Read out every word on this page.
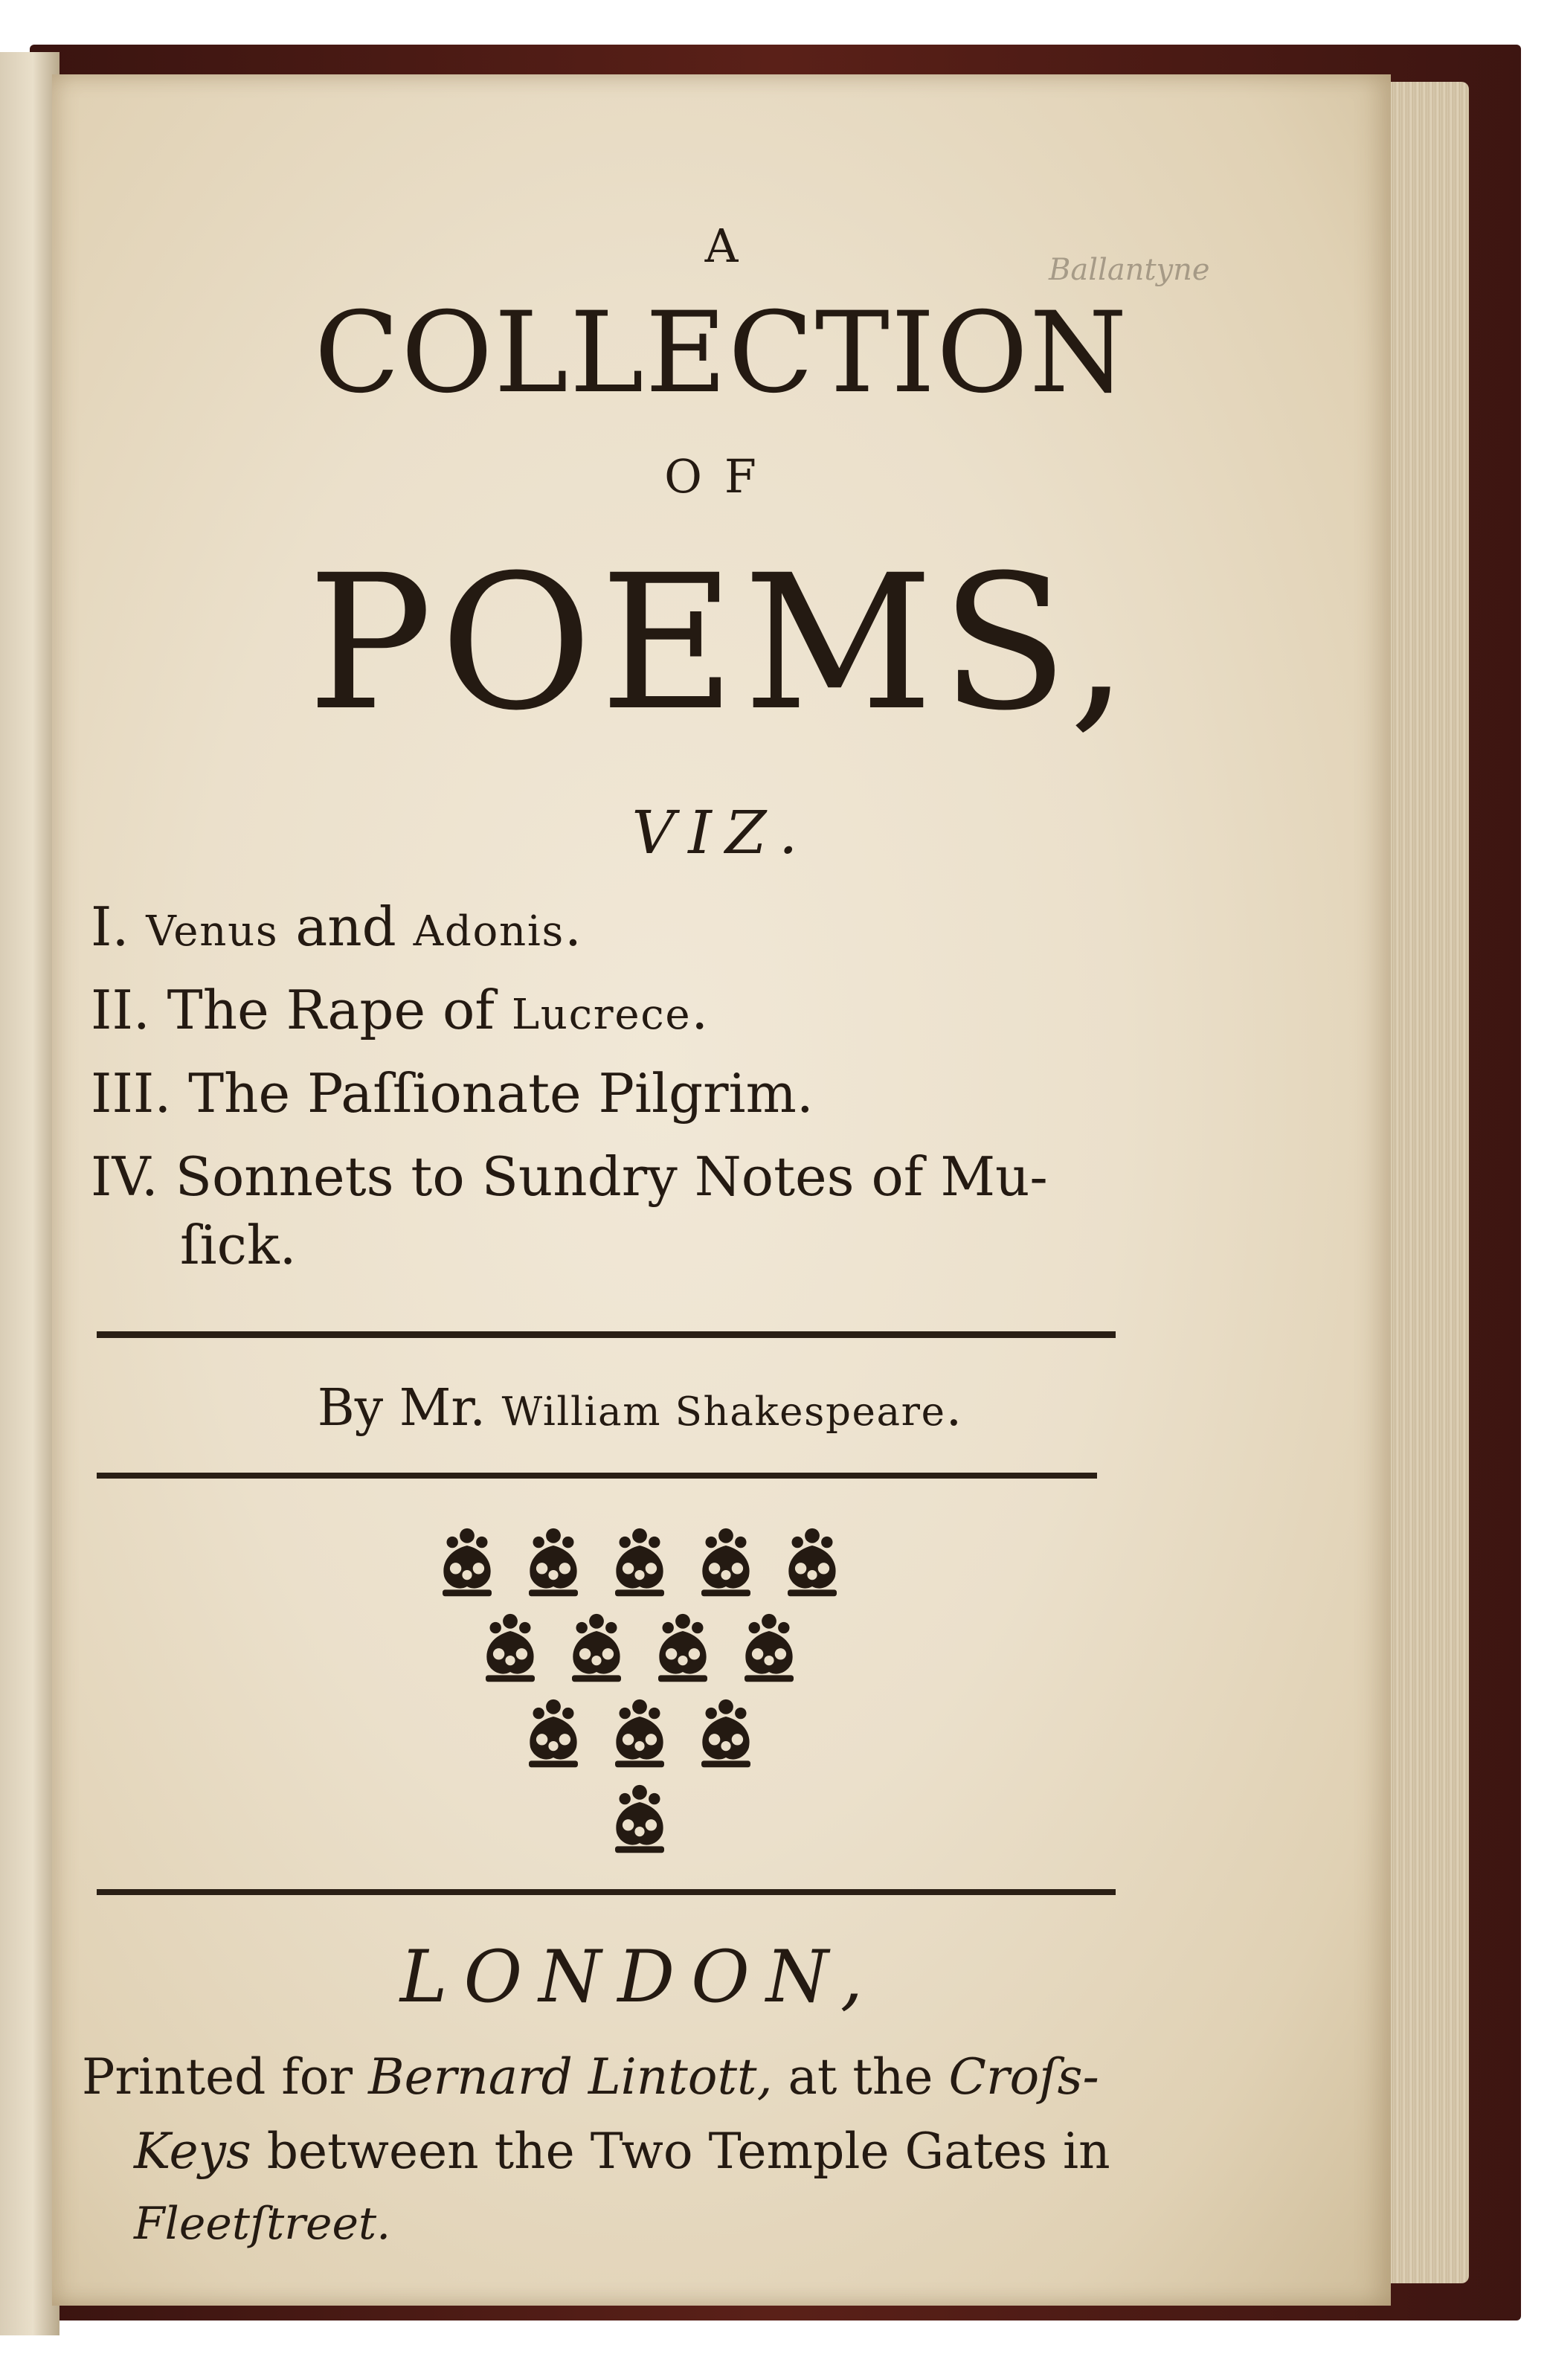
Ballantyne
A
COLLECTION
OF
POEMS,
VIZ.
I. Venus and Adonis.
II. The Rape of Lucrece.
III. The Paſſionate Pilgrim.
IV. Sonnets to Sundry Notes of Mu-
ſick.
By Mr. William Shakespeare.
LONDON,
Printed for Bernard Lintott, at the Croſs-
Keys between the Two Temple Gates in
Fleetſtreet.
